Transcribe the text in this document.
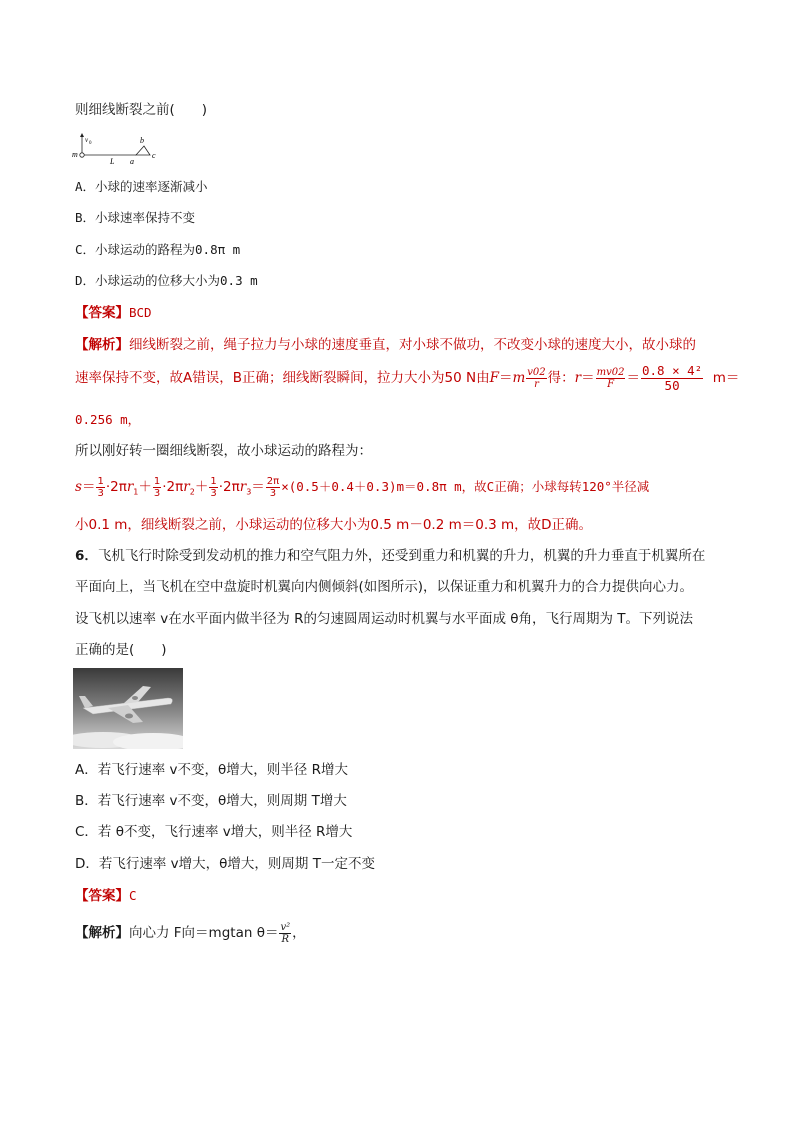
则细线断裂之前(　　)
m
v 0
L a
b
c
A．小球的速率逐渐减小
B．小球速率保持不变
C．小球运动的路程为0.8π m
D．小球运动的位移大小为0.3 m
【答案】BCD
【解析】细线断裂之前，绳子拉力与小球的速度垂直，对小球不做功，不改变小球的速度大小，故小球的
速率保持不变，故A错误，B正确；细线断裂瞬间，拉力大小为50 N由$F=m \frac{v02}{r}$ 得：$r= \frac{mv02}{F} = \frac{\text{0.8 × 4²}}{50} m=$
0.256 m，
所以刚好转一圈细线断裂，故小球运动的路程为：
$s= \frac{1}{3} \cdot 2\pi r_1+ \frac{1}{3} \cdot 2\pi r_2+ \frac{1}{3} \cdot 2\pi r_3= \frac{2\pi}{3} \times(0.5+0.4+0.3)m=0.8\pi$ m，故C正确；小球每转120°半径减
小0.1 m，细线断裂之前，小球运动的位移大小为0.5 m－0.2 m＝0.3 m，故D正确。
6．飞机飞行时除受到发动机的推力和空气阻力外，还受到重力和机翼的升力，机翼的升力垂直于机翼所在
平面向上，当飞机在空中盘旋时机翼向内侧倾斜(如图所示)，以保证重力和机翼升力的合力提供向心力。
设飞机以速率 v在水平面内做半径为 R的匀速圆周运动时机翼与水平面成 θ角，飞行周期为 T。下列说法
正确的是(　　)
A．若飞行速率 v不变，θ增大，则半径 R增大
B．若飞行速率 v不变，θ增大，则周期 T增大
C．若 θ不变，飞行速率 v增大，则半径 R增大
D．若飞行速率 v增大，θ增大，则周期 T一定不变
【答案】C
【解析】向心力 F向＝mgtan $\theta= \frac{\text{v²}}{R}$ ，
